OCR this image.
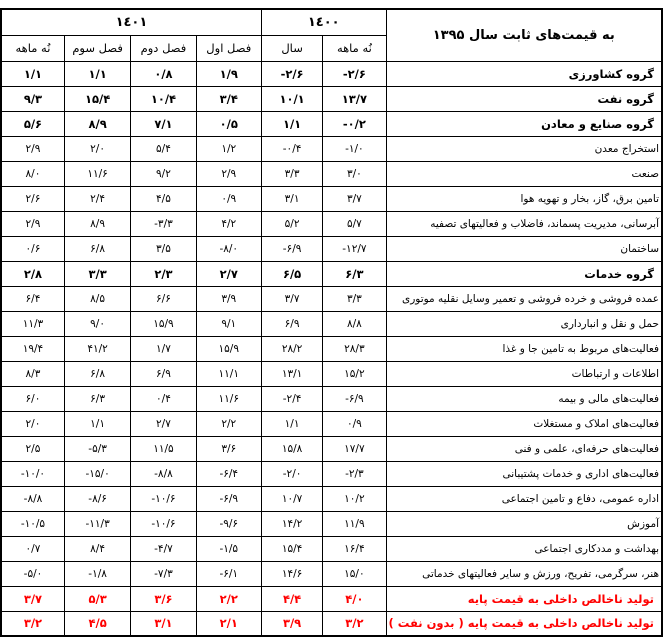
به قیمت‌های ثابت سال ۱۳۹۵	١٤٠٠		١٤٠١			
	نُه ماهه	سال	فصل اول	فصل دوم	فصل سوم	نُه ماهه
گروه کشاورزی	-۲/۶	-۲/۶	۱/۹	۰/۸	۱/۱	۱/۱
گروه نفت	۱۳/۷	۱۰/۱	۳/۴	۱۰/۴	۱۵/۴	۹/۳
گروه صنایع و معادن	-۰/۲	۱/۱	۰/۵	۷/۱	۸/۹	۵/۶
استخراج معدن	-۱/۰	-۰/۴	۱/۲	۵/۴	۲/۰	۲/۹
صنعت	۳/۰	۳/۳	۲/۹	۹/۲	۱۱/۶	۸/۰
تامین برق، گاز، بخار و تهویه هوا	۳/۷	۳/۱	۰/۹	۴/۵	۲/۴	۲/۶
آبرسانی، مدیریت پسماند، فاضلاب و فعالیتهای تصفیه	۵/۷	۵/۲	۴/۲	-۳/۳	۸/۹	۲/۹
ساختمان	-۱۲/۷	-۶/۹	-۸/۰	۳/۵	۶/۸	۰/۶
گروه خدمات	۶/۳	۶/۵	۲/۷	۲/۳	۳/۳	۲/۸
عمده فروشی و خرده فروشی و تعمیر وسایل نقلیه موتوری	۳/۳	۳/۷	۳/۹	۶/۶	۸/۵	۶/۴
حمل و نقل و انبارداری	۸/۸	۶/۹	۹/۱	۱۵/۹	۹/۰	۱۱/۳
فعالیت‌های مربوط به تامین جا و غذا	۲۸/۳	۲۸/۲	۱۵/۹	۱/۷	۴۱/۲	۱۹/۴
اطلاعات و ارتباطات	۱۵/۲	۱۳/۱	۱۱/۱	۶/۹	۶/۸	۸/۳
فعالیت‌های مالی و بیمه	-۶/۹	-۲/۴	۱۱/۶	۰/۴	۶/۳	۶/۰
فعالیت‌های املاک و مستغلات	۰/۹	۱/۱	۲/۲	۲/۷	۱/۱	۲/۰
فعالیت‌های حرفه‌ای، علمی و فنی	۱۷/۷	۱۵/۸	۳/۶	۱۱/۵	-۵/۳	۲/۵
فعالیت‌های اداری و خدمات پشتیبانی	-۲/۳	-۲/۰	-۶/۴	-۸/۸	-۱۵/۰	-۱۰/۰
اداره عمومی، دفاع و تامین اجتماعی	۱۰/۲	۱۰/۷	-۶/۹	-۱۰/۶	-۸/۶	-۸/۸
آموزش	۱۱/۹	۱۴/۲	-۹/۶	-۱۰/۶	-۱۱/۳	-۱۰/۵
بهداشت و مددکاری اجتماعی	۱۶/۴	۱۵/۴	-۱/۵	-۴/۷	۸/۴	۰/۷
هنر، سرگرمی، تفریح، ورزش و سایر فعالیتهای خدماتی	۱۵/۰	۱۴/۶	-۶/۱	-۷/۳	-۱/۸	-۵/۰
تولید ناخالص داخلی به قیمت پایه	۴/۰	۴/۴	۲/۲	۳/۶	۵/۳	۳/۷
تولید ناخالص داخلی به قیمت پایه ( بدون نفت )	۳/۲	۳/۹	۲/۱	۳/۱	۴/۵	۳/۲
